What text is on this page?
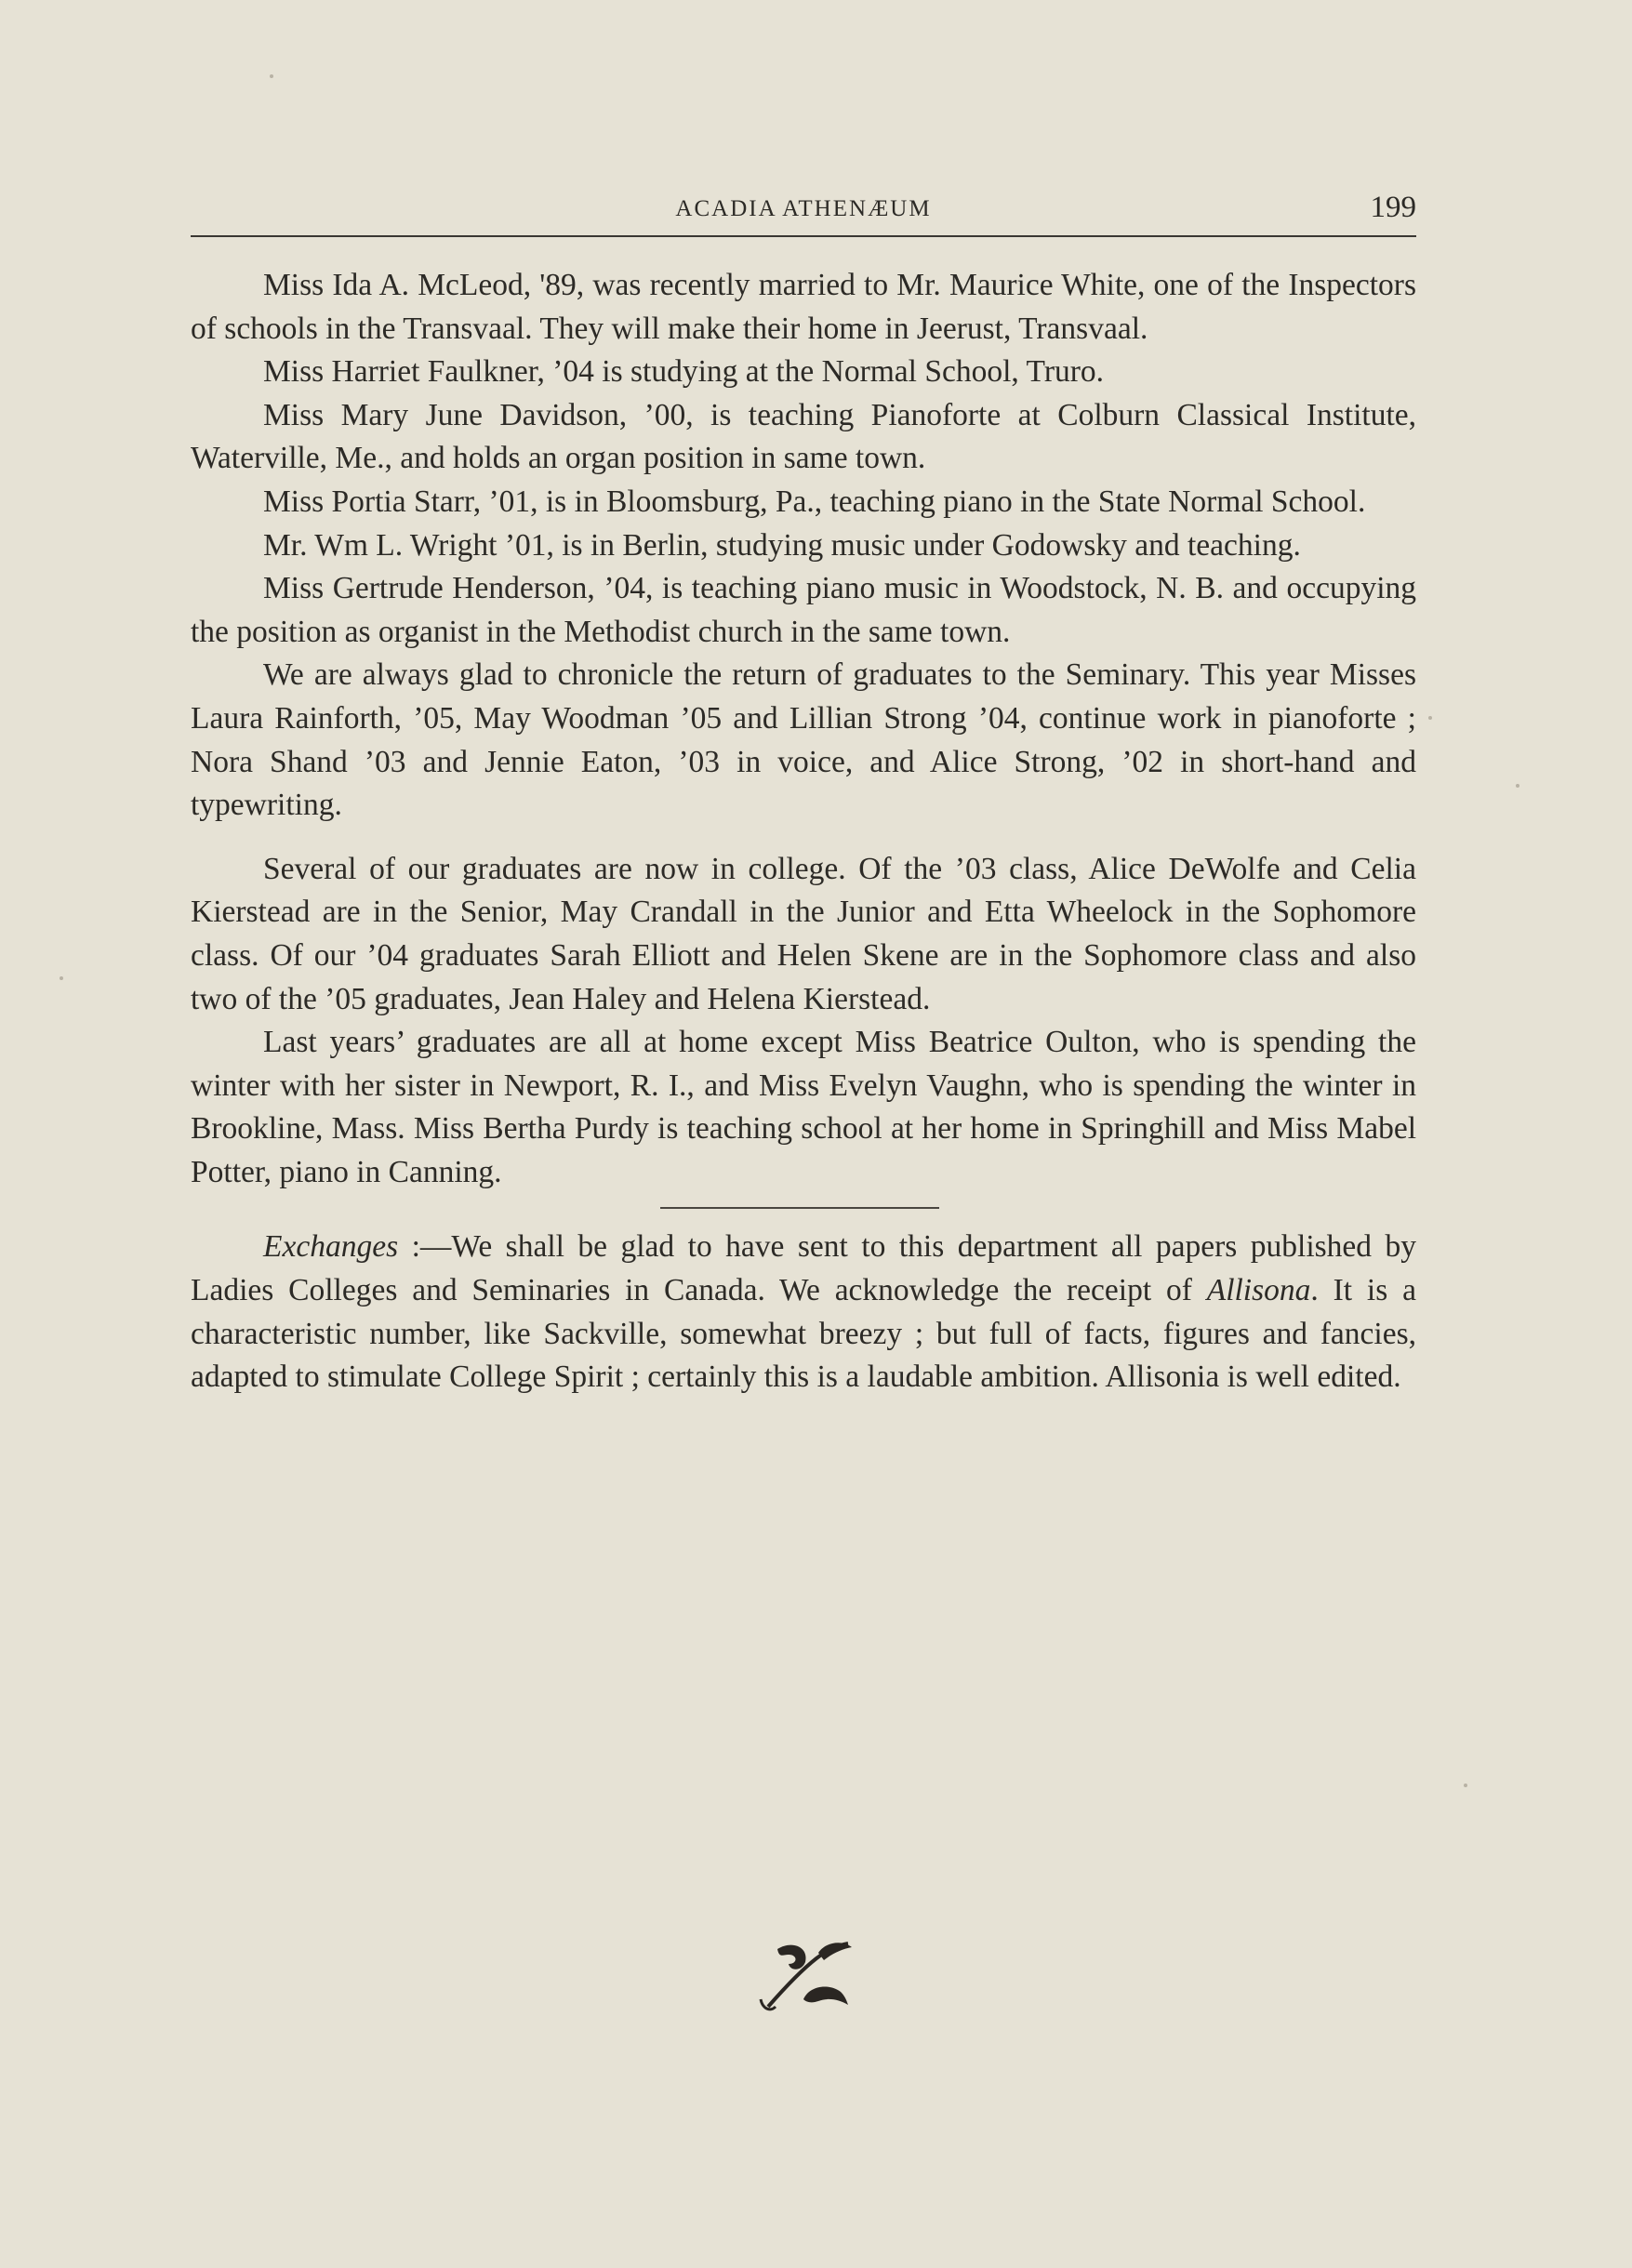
ACADIA ATHENÆUM	199

Miss Ida A. McLeod, '89, was recently married to Mr. Maurice White, one of the Inspectors of schools in the Transvaal. They will make their home in Jeerust, Transvaal.

Miss Harriet Faulkner, ’04 is studying at the Normal School, Truro.

Miss Mary June Davidson, ’00, is teaching Pianoforte at Colburn Classical Institute, Waterville, Me., and holds an organ position in same town.

Miss Portia Starr, ’01, is in Bloomsburg, Pa., teaching piano in the State Normal School.

Mr. Wm L. Wright ’01, is in Berlin, studying music under Godowsky and teaching.

Miss Gertrude Henderson, ’04, is teaching piano music in Woodstock, N. B. and occupying the position as organist in the Methodist church in the same town.

We are always glad to chronicle the return of graduates to the Seminary. This year Misses Laura Rainforth, ’05, May Woodman ’05 and Lillian Strong ’04, continue work in pianoforte ; Nora Shand ’03 and Jennie Eaton, ’03 in voice, and Alice Strong, ’02 in short-hand and typewriting.

Several of our graduates are now in college. Of the ’03 class, Alice DeWolfe and Celia Kierstead are in the Senior, May Crandall in the Junior and Etta Wheelock in the Sophomore class. Of our ’04 graduates Sarah Elliott and Helen Skene are in the Sophomore class and also two of the ’05 graduates, Jean Haley and Helena Kierstead.

Last years’ graduates are all at home except Miss Beatrice Oulton, who is spending the winter with her sister in Newport, R. I., and Miss Evelyn Vaughn, who is spending the winter in Brookline, Mass. Miss Bertha Purdy is teaching school at her home in Springhill and Miss Mabel Potter, piano in Canning.

Exchanges :—We shall be glad to have sent to this department all papers published by Ladies Colleges and Seminaries in Canada. We acknowledge the receipt of Allisona. It is a characteristic number, like Sackville, somewhat breezy ; but full of facts, figures and fancies, adapted to stimulate College Spirit ; certainly this is a laudable ambition. Allisonia is well edited.
